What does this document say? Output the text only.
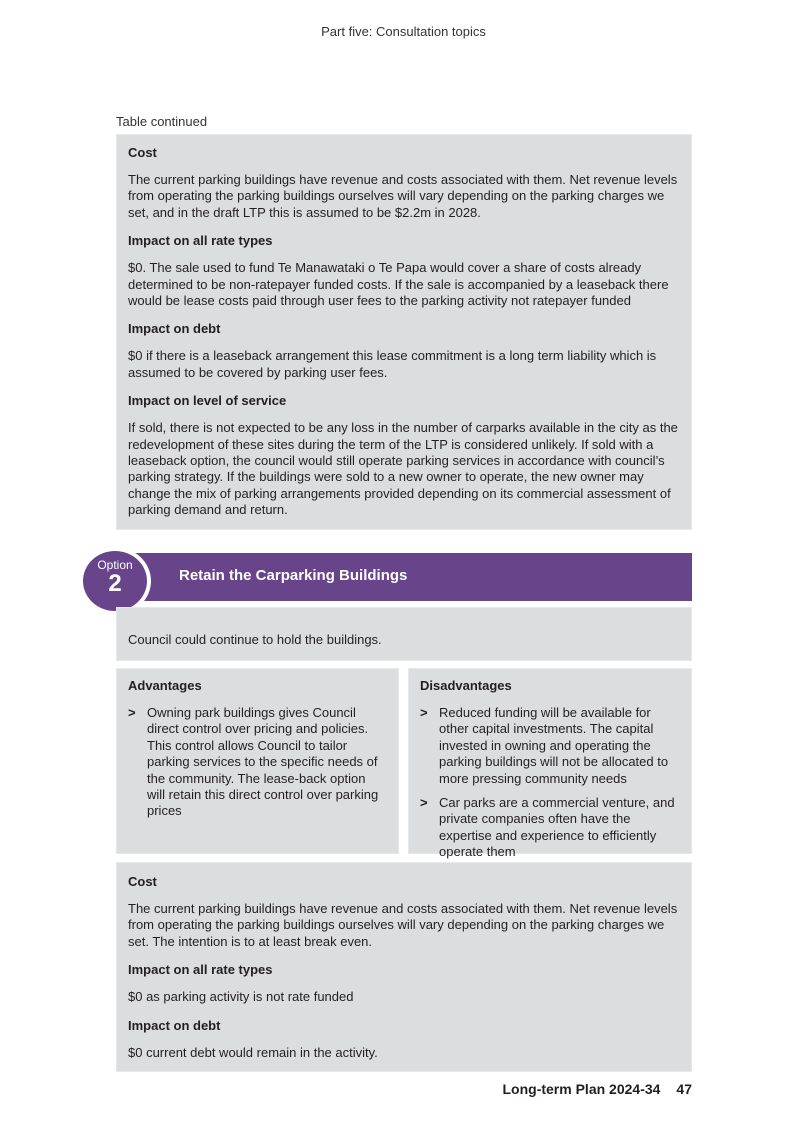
Part five: Consultation topics
Table continued
Cost

The current parking buildings have revenue and costs associated with them. Net revenue levels from operating the parking buildings ourselves will vary depending on the parking charges we set, and in the draft LTP this is assumed to be $2.2m in 2028.

Impact on all rate types

$0. The sale used to fund Te Manawataki o Te Papa would cover a share of costs already determined to be non-ratepayer funded costs. If the sale is accompanied by a leaseback there would be lease costs paid through user fees to the parking activity not ratepayer funded

Impact on debt

$0 if there is a leaseback arrangement this lease commitment is a long term liability which is assumed to be covered by parking user fees.

Impact on level of service

If sold, there is not expected to be any loss in the number of carparks available in the city as the redevelopment of these sites during the term of the LTP is considered unlikely. If sold with a leaseback option, the council would still operate parking services in accordance with council’s parking strategy. If the buildings were sold to a new owner to operate, the new owner may change the mix of parking arrangements provided depending on its commercial assessment of parking demand and return.

Retain the Carparking Buildings
Option
2

Council could continue to hold the buildings.

Advantages
> Owning park buildings gives Council direct control over pricing and policies. This control allows Council to tailor parking services to the specific needs of the community. The lease-back option will retain this direct control over parking prices
Disadvantages
> Reduced funding will be available for other capital investments. The capital invested in owning and operating the parking buildings will not be allocated to more pressing community needs
> Car parks are a commercial venture, and private companies often have the expertise and experience to efficiently operate them
Cost

The current parking buildings have revenue and costs associated with them. Net revenue levels from operating the parking buildings ourselves will vary depending on the parking charges we set. The intention is to at least break even.

Impact on all rate types

$0 as parking activity is not rate funded

Impact on debt

$0 current debt would remain in the activity.

Long-term Plan 2024-34 47
